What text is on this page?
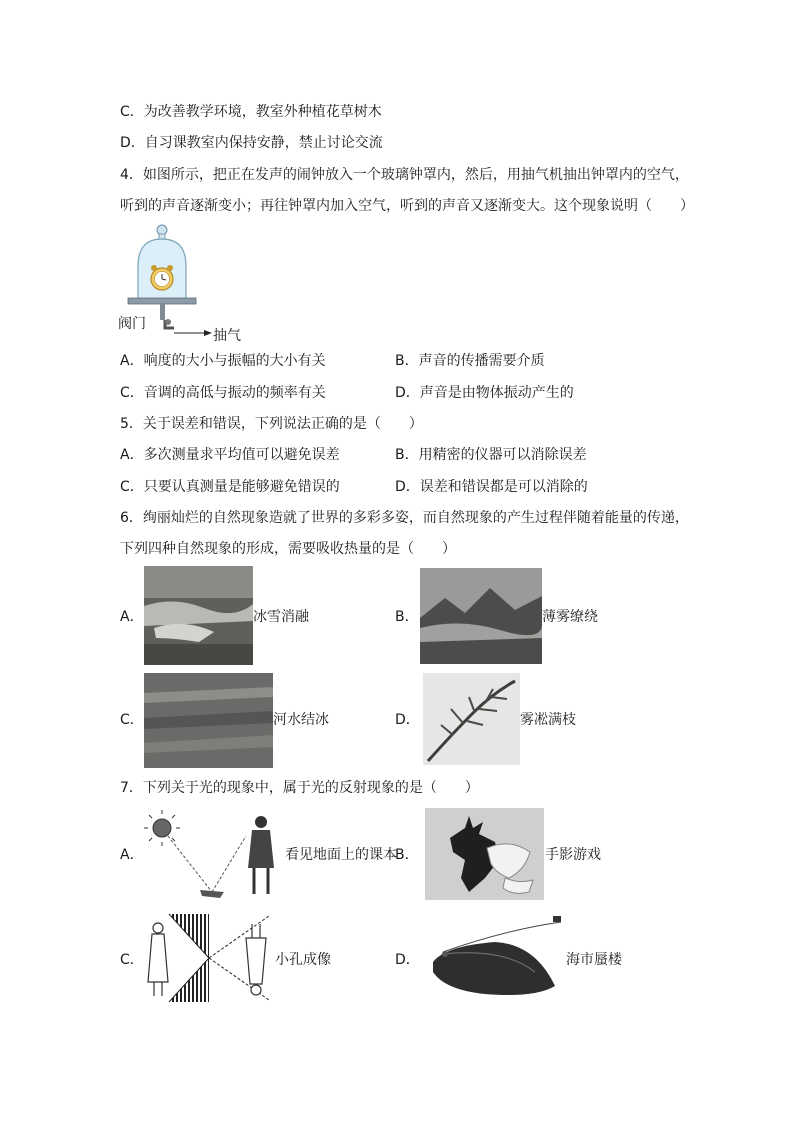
C．为改善教学环境，教室外种植花草树木
D．自习课教室内保持安静，禁止讨论交流
4．如图所示，把正在发声的闹钟放入一个玻璃钟罩内，然后，用抽气机抽出钟罩内的空气，
听到的声音逐渐变小；再往钟罩内加入空气，听到的声音又逐渐变大。这个现象说明（　　）
阀门
抽气
A．响度的大小与振幅的大小有关	B．声音的传播需要介质
C．音调的高低与振动的频率有关	D．声音是由物体振动产生的
5．关于误差和错误，下列说法正确的是（　　）
A．多次测量求平均值可以避免误差	B．用精密的仪器可以消除误差
C．只要认真测量是能够避免错误的	D．误差和错误都是可以消除的
6．绚丽灿烂的自然现象造就了世界的多彩多姿，而自然现象的产生过程伴随着能量的传递，
下列四种自然现象的形成，需要吸收热量的是（　　）
A．	冰雪消融	B．	薄雾缭绕
C．	河水结冰	D．	雾凇满枝
7．下列关于光的现象中，属于光的反射现象的是（　　）
A．	看见地面上的课本
B．	手影游戏
C．	小孔成像	D．	海市蜃楼
